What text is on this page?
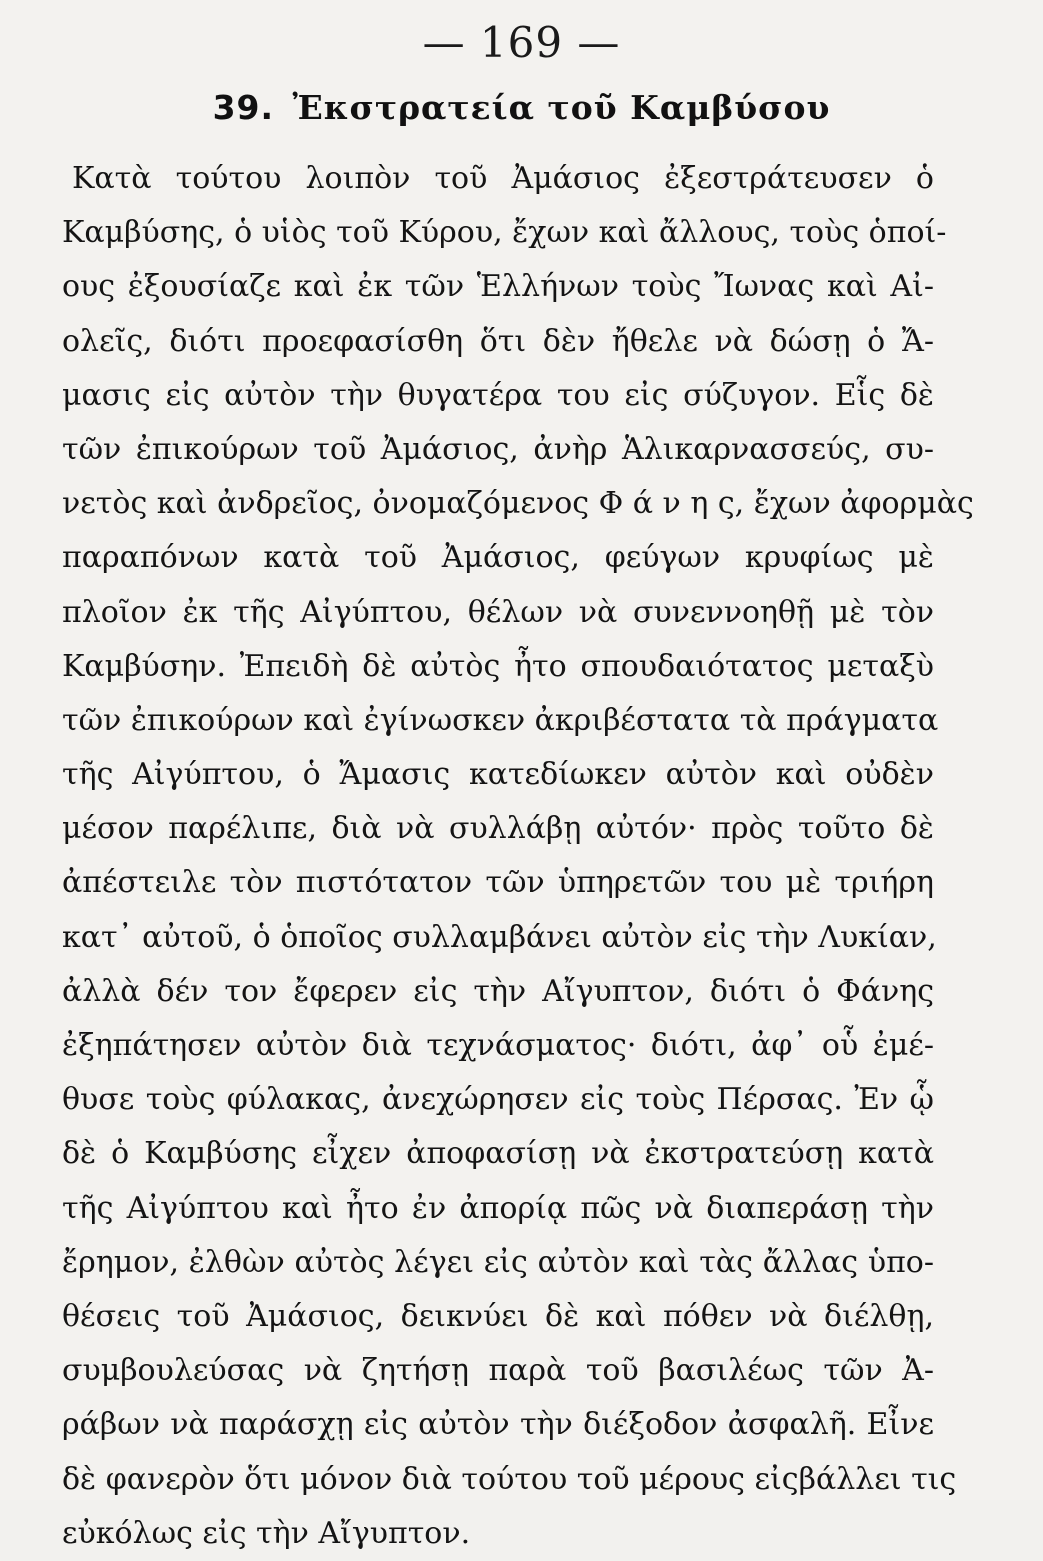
— 169 —
39. Ἐκστρατεία τοῦ Καμβύσου
Κατὰ τούτου λοιπὸν τοῦ Ἀμάσιος ἐξεστράτευσεν ὁ
Καμβύσης, ὁ υἱὸς τοῦ Κύρου, ἔχων καὶ ἄλλους, τοὺς ὁποί-
ους ἐξουσίαζε καὶ ἐκ τῶν Ἑλλήνων τοὺς Ἴωνας καὶ Αἰ-
ολεῖς, διότι προεφασίσθη ὅτι δὲν ἤθελε νὰ δώσῃ ὁ Ἄ-
μασις εἰς αὐτὸν τὴν θυγατέρα του εἰς σύζυγον. Εἷς δὲ
τῶν ἐπικούρων τοῦ Ἀμάσιος, ἀνὴρ Ἁλικαρνασσεύς, συ-
νετὸς καὶ ἀνδρεῖος, ὀνομαζόμενος Φ ά ν η ς, ἔχων ἀφορμὰς
παραπόνων κατὰ τοῦ Ἀμάσιος, φεύγων κρυφίως μὲ
πλοῖον ἐκ τῆς Αἰγύπτου, θέλων νὰ συνεννοηθῇ μὲ τὸν
Καμβύσην. Ἐπειδὴ δὲ αὐτὸς ἦτο σπουδαιότατος μεταξὺ
τῶν ἐπικούρων καὶ ἐγίνωσκεν ἀκριβέστατα τὰ πράγματα
τῆς Αἰγύπτου, ὁ Ἄμασις κατεδίωκεν αὐτὸν καὶ οὐδὲν
μέσον παρέλιπε, διὰ νὰ συλλάβῃ αὐτόν· πρὸς τοῦτο δὲ
ἀπέστειλε τὸν πιστότατον τῶν ὑπηρετῶν του μὲ τριήρη
κατ᾽ αὐτοῦ, ὁ ὁποῖος συλλαμβάνει αὐτὸν εἰς τὴν Λυκίαν,
ἀλλὰ δέν τον ἔφερεν εἰς τὴν Αἴγυπτον, διότι ὁ Φάνης
ἐξηπάτησεν αὐτὸν διὰ τεχνάσματος· διότι, ἀφ᾽ οὗ ἐμέ-
θυσε τοὺς φύλακας, ἀνεχώρησεν εἰς τοὺς Πέρσας. Ἐν ᾧ
δὲ ὁ Καμβύσης εἶχεν ἀποφασίσῃ νὰ ἐκστρατεύσῃ κατὰ
τῆς Αἰγύπτου καὶ ἦτο ἐν ἀπορίᾳ πῶς νὰ διαπεράσῃ τὴν
ἔρημον, ἐλθὼν αὐτὸς λέγει εἰς αὐτὸν καὶ τὰς ἄλλας ὑπο-
θέσεις τοῦ Ἀμάσιος, δεικνύει δὲ καὶ πόθεν νὰ διέλθῃ,
συμβουλεύσας νὰ ζητήσῃ παρὰ τοῦ βασιλέως τῶν Ἀ-
ράβων νὰ παράσχῃ εἰς αὐτὸν τὴν διέξοδον ἀσφαλῆ. Εἶνε
δὲ φανερὸν ὅτι μόνον διὰ τούτου τοῦ μέρους εἰςβάλλει τις
εὐκόλως εἰς τὴν Αἴγυπτον.
